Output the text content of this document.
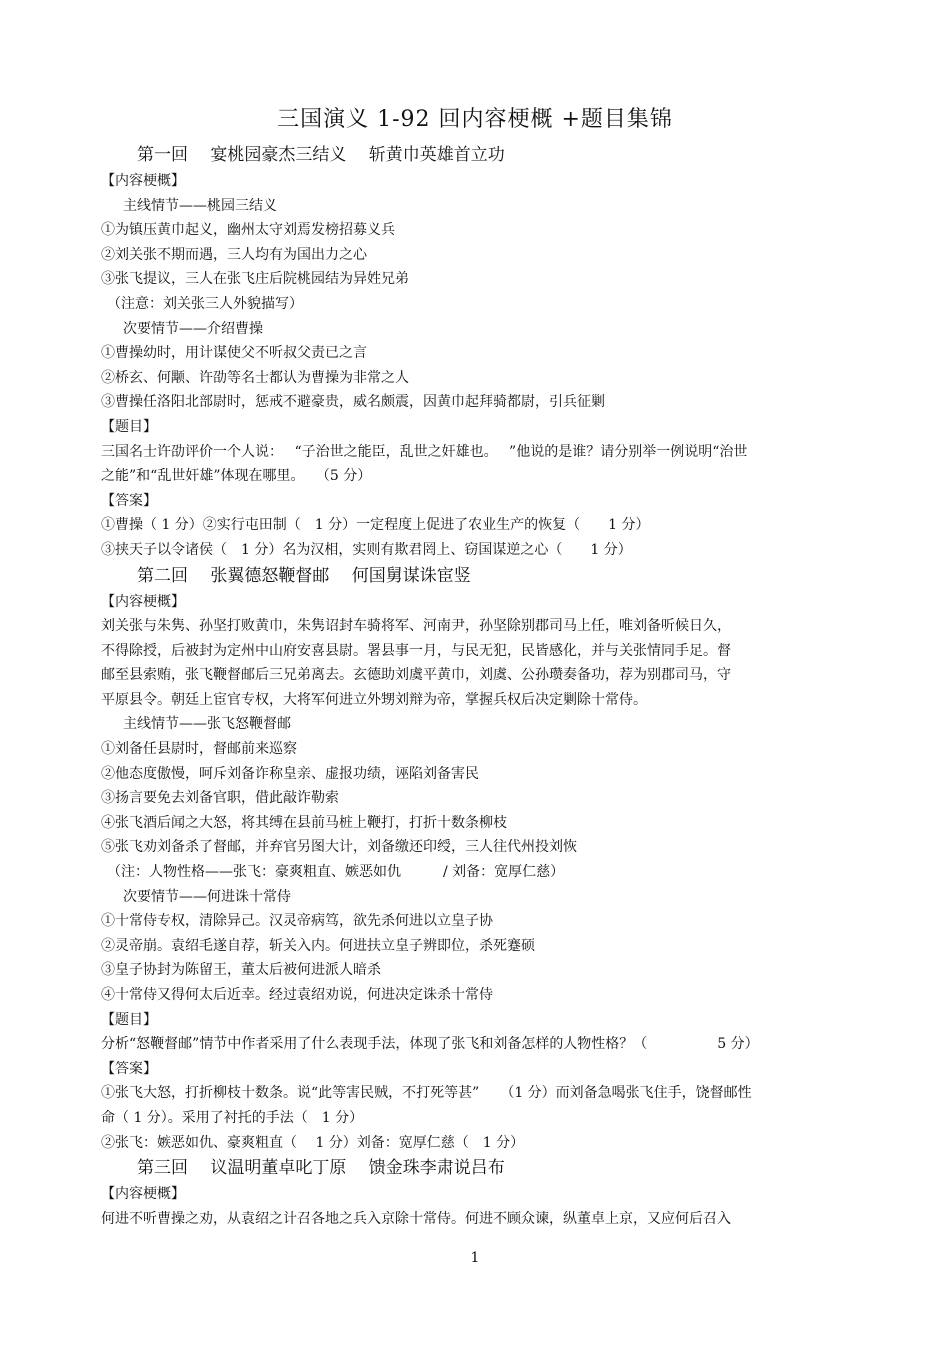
三国演义 1-92 回内容梗概 +题目集锦
第一回　 宴桃园豪杰三结义　 斩黄巾英雄首立功
【内容梗概】
主线情节——桃园三结义
①为镇压黄巾起义，幽州太守刘焉发榜招募义兵
②刘关张不期而遇，三人均有为国出力之心
③张飞提议，三人在张飞庄后院桃园结为异姓兄弟
（注意：刘关张三人外貌描写）
次要情节——介绍曹操
①曹操幼时，用计谋使父不听叔父责已之言
②桥玄、何颙、许劭等名士都认为曹操为非常之人
③曹操任洛阳北部尉时，惩戒不避豪贵，威名颇震，因黄巾起拜骑都尉，引兵征剿
【题目】
三国名士许劭评价一个人说：　 “子治世之能臣，乱世之奸雄也。　 ”他说的是谁？请分别举一例说明“治世
之能”和“乱世奸雄”体现在哪里。　 （5 分）
【答案】
①曹操（ 1 分）②实行屯田制（　1 分）一定程度上促进了农业生产的恢复（　　1 分）
③挟天子以令诸侯（　1 分）名为汉相，实则有欺君罔上、窃国谋逆之心（　　1 分）
第二回　 张翼德怒鞭督邮　 何国舅谋诛宦竖
【内容梗概】
刘关张与朱隽、孙坚打败黄巾，朱隽诏封车骑将军、河南尹，孙坚除别郡司马上任，唯刘备听候日久，
不得除授，后被封为定州中山府安喜县尉。署县事一月，与民无犯，民皆感化，并与关张情同手足。督
邮至县索贿，张飞鞭督邮后三兄弟离去。玄德助刘虞平黄巾，刘虞、公孙瓒奏备功，荐为别郡司马，守
平原县令。朝廷上宦官专权，大将军何进立外甥刘辩为帝，掌握兵权后决定剿除十常侍。
主线情节——张飞怒鞭督邮
①刘备任县尉时，督邮前来巡察
②他态度傲慢，呵斥刘备诈称皇亲、虚报功绩，诬陷刘备害民
③扬言要免去刘备官职，借此敲诈勒索
④张飞酒后闻之大怒，将其缚在县前马桩上鞭打，打折十数条柳枝
⑤张飞劝刘备杀了督邮，并弃官另图大计，刘备缴还印绶，三人往代州投刘恢
（注：人物性格——张飞：豪爽粗直、嫉恶如仇　　　/ 刘备：宽厚仁慈）
次要情节——何进诛十常侍
①十常侍专权，清除异己。汉灵帝病笃，欲先杀何进以立皇子协
②灵帝崩。袁绍毛遂自荐，斩关入内。何进扶立皇子辨即位，杀死蹇硕
③皇子协封为陈留王，董太后被何进派人暗杀
④十常侍又得何太后近幸。经过袁绍劝说，何进决定诛杀十常侍
【题目】
分析“怒鞭督邮”情节中作者采用了什么表现手法，体现了张飞和刘备怎样的人物性格？（　　　　　5 分）
【答案】
①张飞大怒，打折柳枝十数条。说“此等害民贼，不打死等甚”　　（1 分）而刘备急喝张飞住手，饶督邮性
命（ 1 分）。采用了衬托的手法（　1 分）
②张飞：嫉恶如仇、豪爽粗直（　 1 分）刘备：宽厚仁慈（　1 分）
第三回　 议温明董卓叱丁原　 馈金珠李肃说吕布
【内容梗概】
何进不听曹操之劝，从袁绍之计召各地之兵入京除十常侍。何进不顾众谏，纵董卓上京，又应何后召入
1
